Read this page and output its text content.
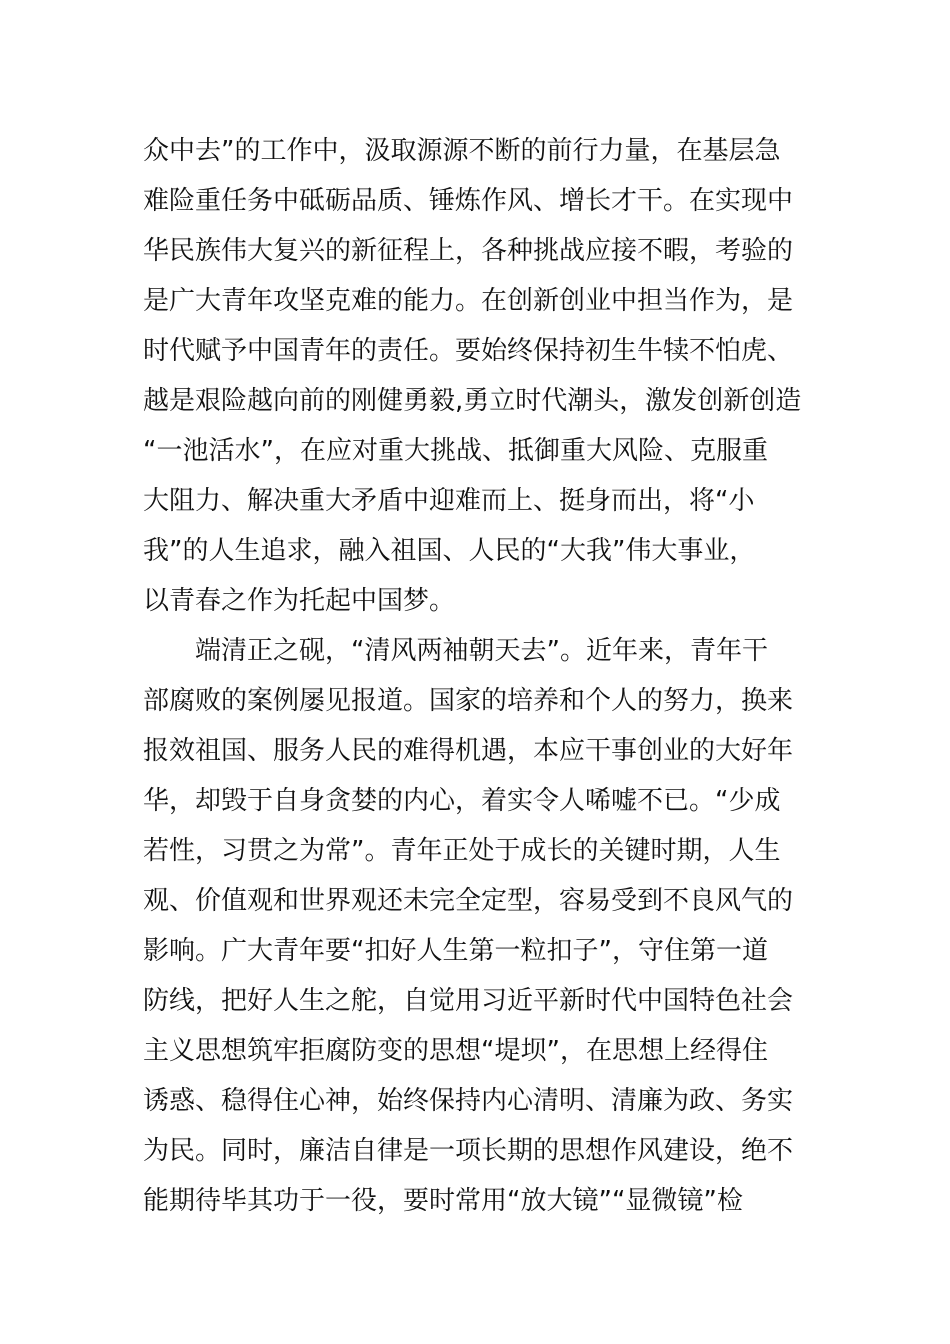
众中去”的工作中，汲取源源不断的前行力量，在基层急
难险重任务中砥砺品质、锤炼作风、增长才干。在实现中
华民族伟大复兴的新征程上，各种挑战应接不暇，考验的
是广大青年攻坚克难的能力。在创新创业中担当作为，是
时代赋予中国青年的责任。要始终保持初生牛犊不怕虎、
越是艰险越向前的刚健勇毅,勇立时代潮头，激发创新创造
“一池活水”，在应对重大挑战、抵御重大风险、克服重
大阻力、解决重大矛盾中迎难而上、挺身而出，将“小
我”的人生追求，融入祖国、人民的“大我”伟大事业，
以青春之作为托起中国梦。
端清正之砚，“清风两袖朝天去”。近年来，青年干
部腐败的案例屡见报道。国家的培养和个人的努力，换来
报效祖国、服务人民的难得机遇，本应干事创业的大好年
华，却毁于自身贪婪的内心，着实令人唏嘘不已。“少成
若性，习贯之为常”。青年正处于成长的关键时期，人生
观、价值观和世界观还未完全定型，容易受到不良风气的
影响。广大青年要“扣好人生第一粒扣子”，守住第一道
防线，把好人生之舵，自觉用习近平新时代中国特色社会
主义思想筑牢拒腐防变的思想“堤坝”，在思想上经得住
诱惑、稳得住心神，始终保持内心清明、清廉为政、务实
为民。同时，廉洁自律是一项长期的思想作风建设，绝不
能期待毕其功于一役，要时常用“放大镜”“显微镜”检
